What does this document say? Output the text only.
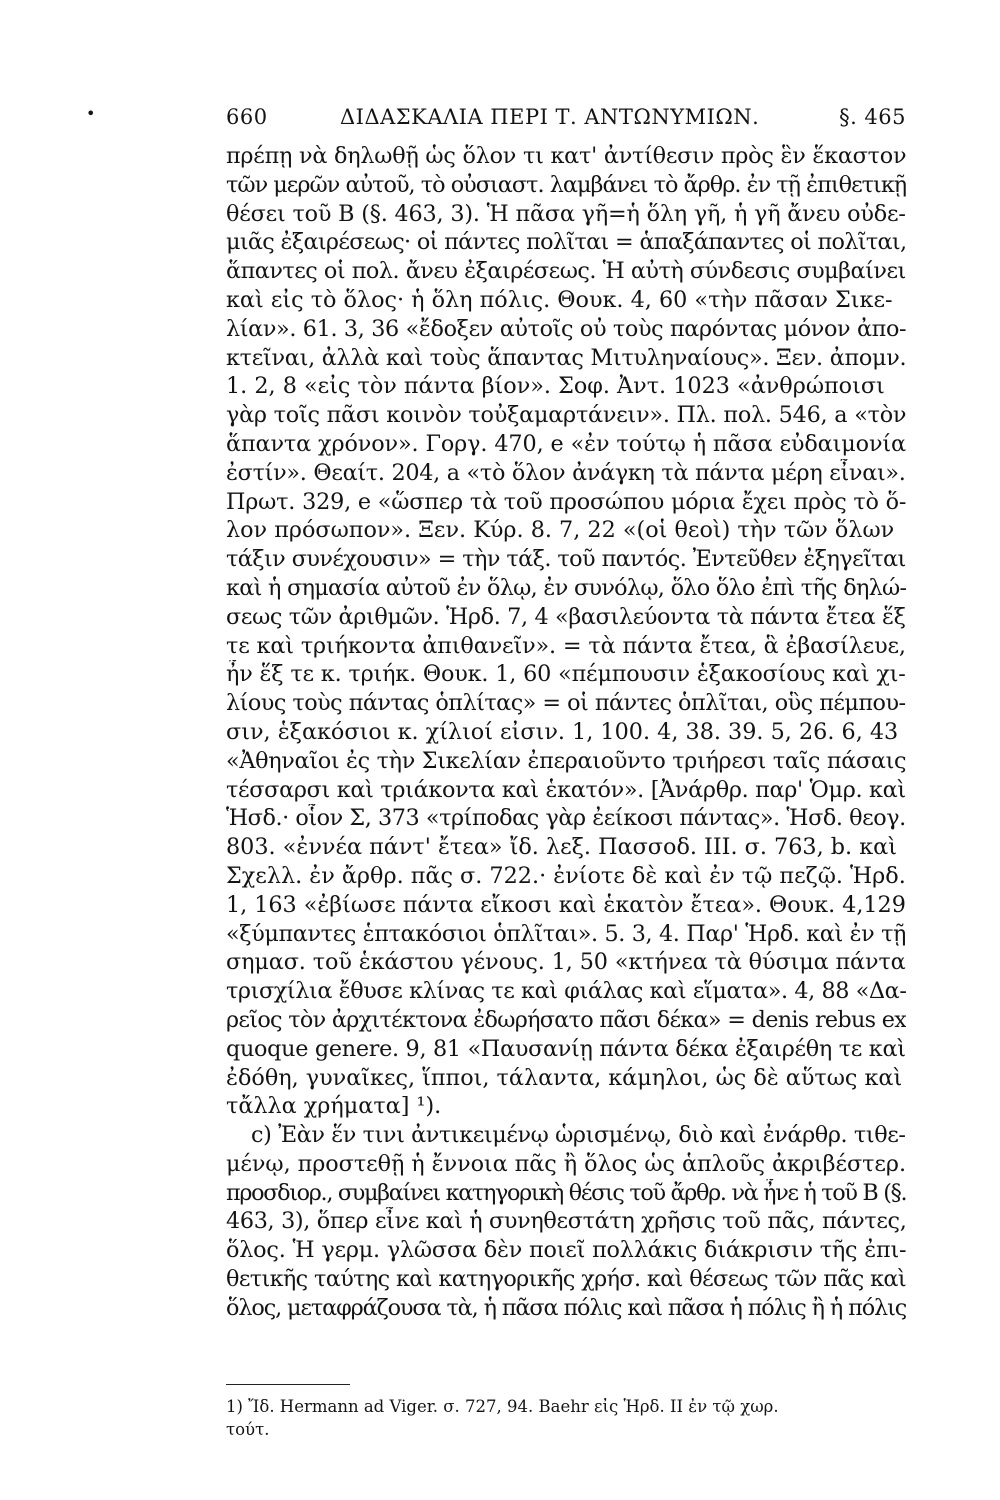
•	660	ΔΙΔΑΣΚΑΛΙΑ ΠΕΡΙ Τ. ΑΝΤΩΝΥΜΙΩΝ.	§. 465
πρέπῃ νὰ δηλωθῇ ὡς ὅλον τι κατ' ἀντίθεσιν πρὸς ἓν ἕκαστον
τῶν μερῶν αὐτοῦ, τὸ οὐσιαστ. λαμβάνει τὸ ἄρθρ. ἐν τῇ ἐπιθετικῇ
θέσει τοῦ B (§. 463, 3). Ἡ πᾶσα γῆ=ἡ ὅλη γῆ, ἡ γῆ ἄνευ οὐδε-
μιᾶς ἐξαιρέσεως· οἱ πάντες πολῖται = ἁπαξάπαντες οἱ πολῖται,
ἅπαντες οἱ πολ. ἄνευ ἐξαιρέσεως. Ἡ αὐτὴ σύνδεσις συμβαίνει
καὶ εἰς τὸ ὅλος· ἡ ὅλη πόλις. Θουκ. 4, 60 «τὴν πᾶσαν Σικε-
λίαν». 61. 3, 36 «ἔδοξεν αὐτοῖς οὐ τοὺς παρόντας μόνον ἀπο-
κτεῖναι, ἀλλὰ καὶ τοὺς ἅπαντας Μιτυληναίους». Ξεν. ἀπομν.
1. 2, 8 «εἰς τὸν πάντα βίον». Σοφ. Ἀντ. 1023 «ἀνθρώποισι
γὰρ τοῖς πᾶσι κοινὸν τοὐξαμαρτάνειν». Πλ. πολ. 546, a «τὸν
ἅπαντα χρόνον». Γοργ. 470, e «ἐν τούτῳ ἡ πᾶσα εὐδαιμονία
ἐστίν». Θεαίτ. 204, a «τὸ ὅλον ἀνάγκη τὰ πάντα μέρη εἶναι».
Πρωτ. 329, e «ὥσπερ τὰ τοῦ προσώπου μόρια ἔχει πρὸς τὸ ὅ-
λον πρόσωπον». Ξεν. Κύρ. 8. 7, 22 «(οἱ θεοὶ) τὴν τῶν ὅλων
τάξιν συνέχουσιν» = τὴν τάξ. τοῦ παντός. Ἐντεῦθεν ἐξηγεῖται
καὶ ἡ σημασία αὐτοῦ ἐν ὅλῳ, ἐν συνόλῳ, ὅλο ὅλο ἐπὶ τῆς δηλώ-
σεως τῶν ἀριθμῶν. Ἡρδ. 7, 4 «βασιλεύοντα τὰ πάντα ἔτεα ἕξ
τε καὶ τριήκοντα ἀπιθανεῖν». = τὰ πάντα ἔτεα, ἃ ἐβασίλευε,
ἦν ἕξ τε κ. τριήκ. Θουκ. 1, 60 «πέμπουσιν ἑξακοσίους καὶ χι-
λίους τοὺς πάντας ὁπλίτας» = οἱ πάντες ὁπλῖται, οὓς πέμπου-
σιν, ἑξακόσιοι κ. χίλιοί εἰσιν. 1, 100. 4, 38. 39. 5, 26. 6, 43
«Ἀθηναῖοι ἐς τὴν Σικελίαν ἐπεραιοῦντο τριήρεσι ταῖς πάσαις
τέσσαρσι καὶ τριάκοντα καὶ ἑκατόν». [Ἀνάρθρ. παρ' Ὁμρ. καὶ
Ἡσδ.· οἷον Σ, 373 «τρίποδας γὰρ ἐείκοσι πάντας». Ἡσδ. θεογ.
803. «ἐννέα πάντ' ἔτεα» ἴδ. λεξ. Πασσοδ. III. σ. 763, b. καὶ
Σχελλ. ἐν ἄρθρ. πᾶς σ. 722.· ἐνίοτε δὲ καὶ ἐν τῷ πεζῷ. Ἡρδ.
1, 163 «ἐβίωσε πάντα εἴκοσι καὶ ἑκατὸν ἔτεα». Θουκ. 4,129
«ξύμπαντες ἑπτακόσιοι ὁπλῖται». 5. 3, 4. Παρ' Ἡρδ. καὶ ἐν τῇ
σημασ. τοῦ ἑκάστου γένους. 1, 50 «κτήνεα τὰ θύσιμα πάντα
τρισχίλια ἔθυσε κλίνας τε καὶ φιάλας καὶ εἵματα». 4, 88 «Δα-
ρεῖος τὸν ἀρχιτέκτονα ἐδωρήσατο πᾶσι δέκα» = denis rebus ex
quoque genere. 9, 81 «Παυσανίῃ πάντα δέκα ἐξαιρέθη τε καὶ
ἐδόθη, γυναῖκες, ἵπποι, τάλαντα, κάμηλοι, ὡς δὲ αὕτως καὶ
τἄλλα χρήματα] ¹).
c) Ἐὰν ἕν τινι ἀντικειμένῳ ὡρισμένῳ, διὸ καὶ ἐνάρθρ. τιθε-
μένῳ, προστεθῇ ἡ ἔννοια πᾶς ἢ ὅλος ὡς ἁπλοῦς ἀκριβέστερ.
προσδιορ., συμβαίνει κατηγορικὴ θέσις τοῦ ἄρθρ. νὰ ἦνε ἡ τοῦ B (§.
463, 3), ὅπερ εἶνε καὶ ἡ συνηθεστάτη χρῆσις τοῦ πᾶς, πάντες,
ὅλος. Ἡ γερμ. γλῶσσα δὲν ποιεῖ πολλάκις διάκρισιν τῆς ἐπι-
θετικῆς ταύτης καὶ κατηγορικῆς χρήσ. καὶ θέσεως τῶν πᾶς καὶ
ὅλος, μεταφράζουσα τὰ, ἡ πᾶσα πόλις καὶ πᾶσα ἡ πόλις ἢ ἡ πόλις
1) Ἴδ. Hermann ad Viger. σ. 727, 94. Baehr εἰς Ἡρδ. II ἐν τῷ χωρ.
τούτ.
